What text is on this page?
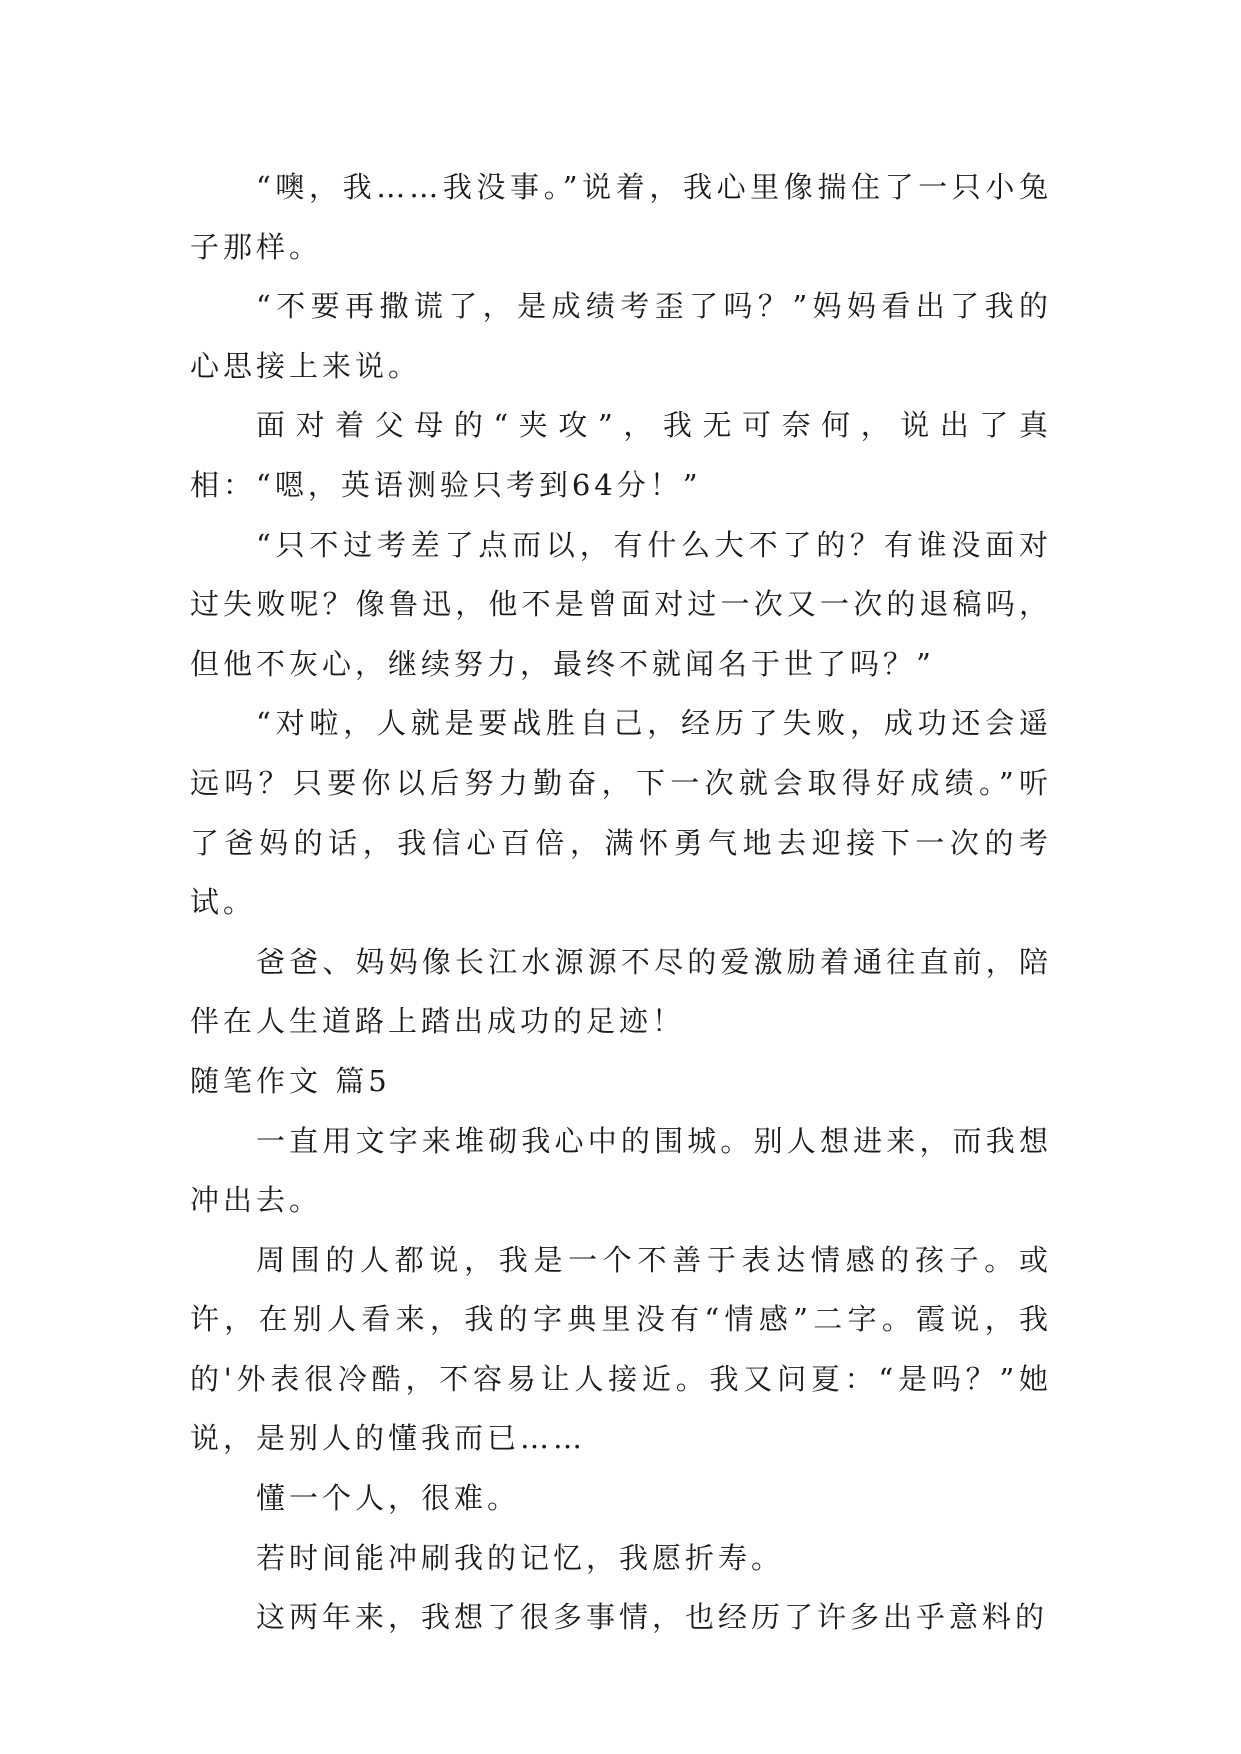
“噢，我……我没事。”说着，我心里像揣住了一只小兔子那样。

“不要再撒谎了，是成绩考歪了吗？”妈妈看出了我的心思接上来说。

面对着父母的“夹攻”，我无可奈何，说出了真相：“嗯，英语测验只考到64分！”

“只不过考差了点而以，有什么大不了的？有谁没面对过失败呢？像鲁迅，他不是曾面对过一次又一次的退稿吗，但他不灰心，继续努力，最终不就闻名于世了吗？”

“对啦，人就是要战胜自己，经历了失败，成功还会遥远吗？只要你以后努力勤奋，下一次就会取得好成绩。”听了爸妈的话，我信心百倍，满怀勇气地去迎接下一次的考试。

爸爸、妈妈像长江水源源不尽的爱激励着通往直前，陪伴在人生道路上踏出成功的足迹！

随笔作文 篇5

一直用文字来堆砌我心中的围城。别人想进来，而我想冲出去。

周围的人都说，我是一个不善于表达情感的孩子。或许，在别人看来，我的字典里没有“情感”二字。霞说，我的'外表很冷酷，不容易让人接近。我又问夏：“是吗？”她说，是别人的懂我而已……

懂一个人，很难。

若时间能冲刷我的记忆，我愿折寿。

这两年来，我想了很多事情，也经历了许多出乎意料的
